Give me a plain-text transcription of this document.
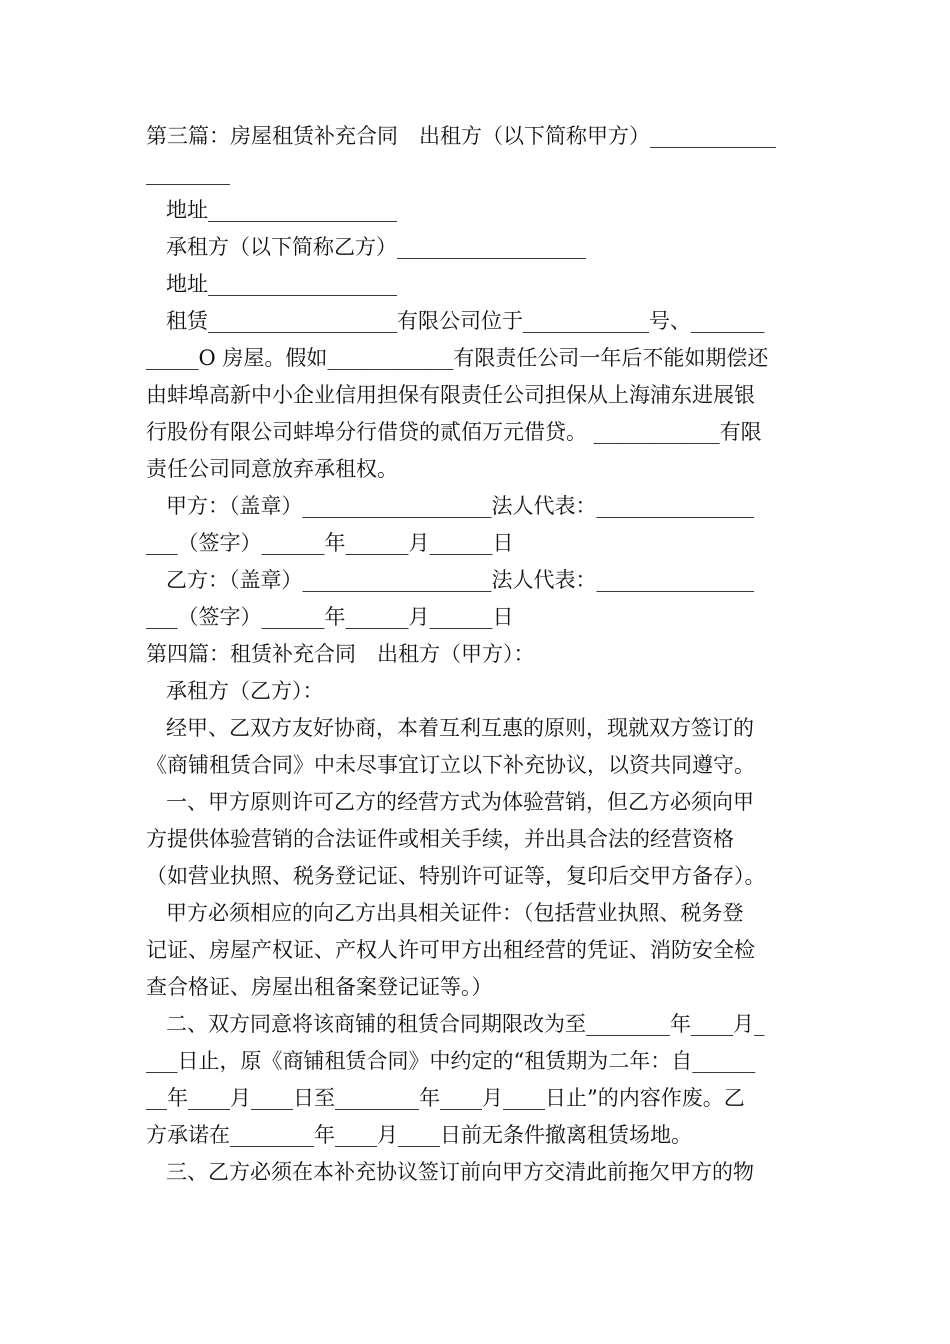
第三篇：房屋租赁补充合同　出租方（以下简称甲方）____________
________
地址__________________
承租方（以下简称乙方）__________________
地址__________________
租赁__________________有限公司位于____________号、_______
_____O 房屋。假如____________有限责任公司一年后不能如期偿还
由蚌埠高新中小企业信用担保有限责任公司担保从上海浦东进展银
行股份有限公司蚌埠分行借贷的贰佰万元借贷。 ____________有限
责任公司同意放弃承租权。
甲方：（盖章）__________________法人代表：_______________
___（签字）______年______月______日
乙方：（盖章）__________________法人代表：_______________
___（签字）______年______月______日
第四篇：租赁补充合同　出租方（甲方）：
承租方（乙方）：
经甲、乙双方友好协商，本着互利互惠的原则，现就双方签订的
《商铺租赁合同》中未尽事宜订立以下补充协议，以资共同遵守。
一、甲方原则许可乙方的经营方式为体验营销，但乙方必须向甲
方提供体验营销的合法证件或相关手续，并出具合法的经营资格
（如营业执照、税务登记证、特别许可证等，复印后交甲方备存）。
甲方必须相应的向乙方出具相关证件：（包括营业执照、税务登
记证、房屋产权证、产权人许可甲方出租经营的凭证、消防安全检
查合格证、房屋出租备案登记证等。）
二、双方同意将该商铺的租赁合同期限改为至________年____月_
___日止，原《商铺租赁合同》中约定的“租赁期为二年：自______
__年____月____日至________年____月____日止”的内容作废。乙
方承诺在________年____月____日前无条件撤离租赁场地。
三、乙方必须在本补充协议签订前向甲方交清此前拖欠甲方的物
